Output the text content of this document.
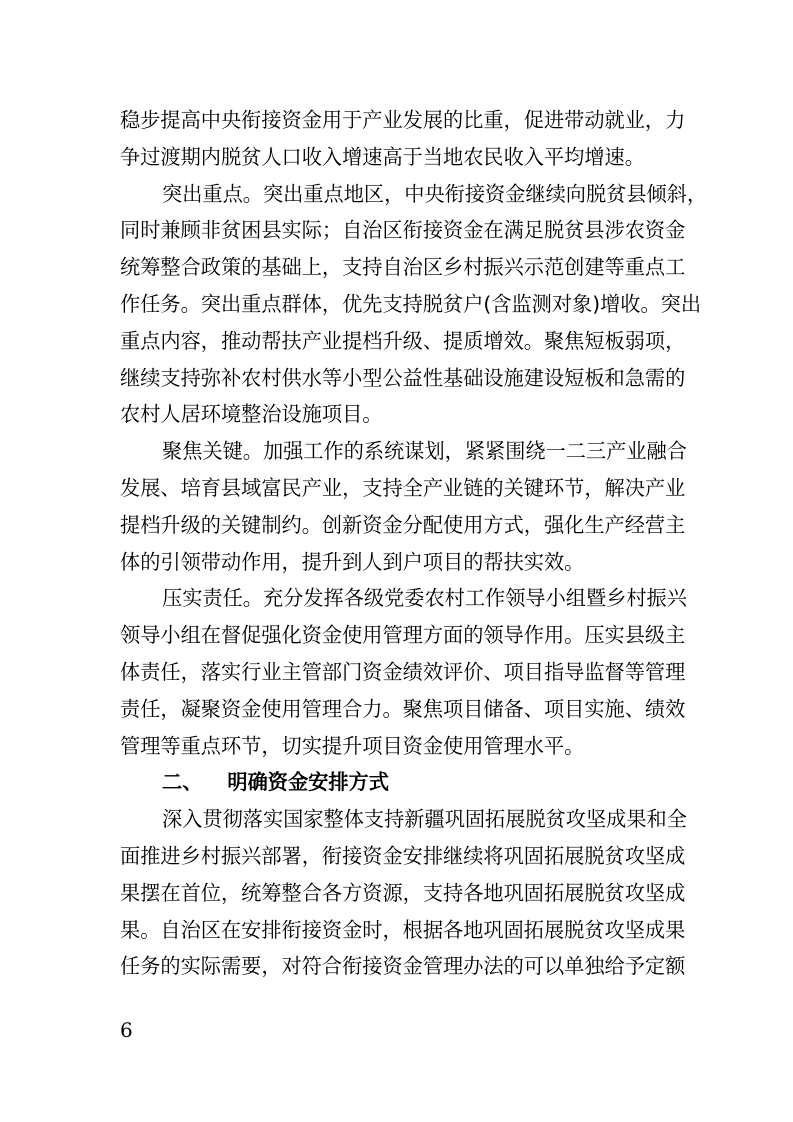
稳步提高中央衔接资金用于产业发展的比重，促进带动就业，力
争过渡期内脱贫人口收入增速高于当地农民收入平均增速。
突出重点。突出重点地区，中央衔接资金继续向脱贫县倾斜，
同时兼顾非贫困县实际；自治区衔接资金在满足脱贫县涉农资金
统筹整合政策的基础上，支持自治区乡村振兴示范创建等重点工
作任务。突出重点群体，优先支持脱贫户(含监测对象)增收。突出
重点内容，推动帮扶产业提档升级、提质增效。聚焦短板弱项，
继续支持弥补农村供水等小型公益性基础设施建设短板和急需的
农村人居环境整治设施项目。
聚焦关键。加强工作的系统谋划，紧紧围绕一二三产业融合
发展、培育县域富民产业，支持全产业链的关键环节，解决产业
提档升级的关键制约。创新资金分配使用方式，强化生产经营主
体的引领带动作用，提升到人到户项目的帮扶实效。
压实责任。充分发挥各级党委农村工作领导小组暨乡村振兴
领导小组在督促强化资金使用管理方面的领导作用。压实县级主
体责任，落实行业主管部门资金绩效评价、项目指导监督等管理
责任，凝聚资金使用管理合力。聚焦项目储备、项目实施、绩效
管理等重点环节，切实提升项目资金使用管理水平。
二、 明确资金安排方式
深入贯彻落实国家整体支持新疆巩固拓展脱贫攻坚成果和全
面推进乡村振兴部署，衔接资金安排继续将巩固拓展脱贫攻坚成
果摆在首位，统筹整合各方资源，支持各地巩固拓展脱贫攻坚成
果。自治区在安排衔接资金时，根据各地巩固拓展脱贫攻坚成果
任务的实际需要，对符合衔接资金管理办法的可以单独给予定额
6
